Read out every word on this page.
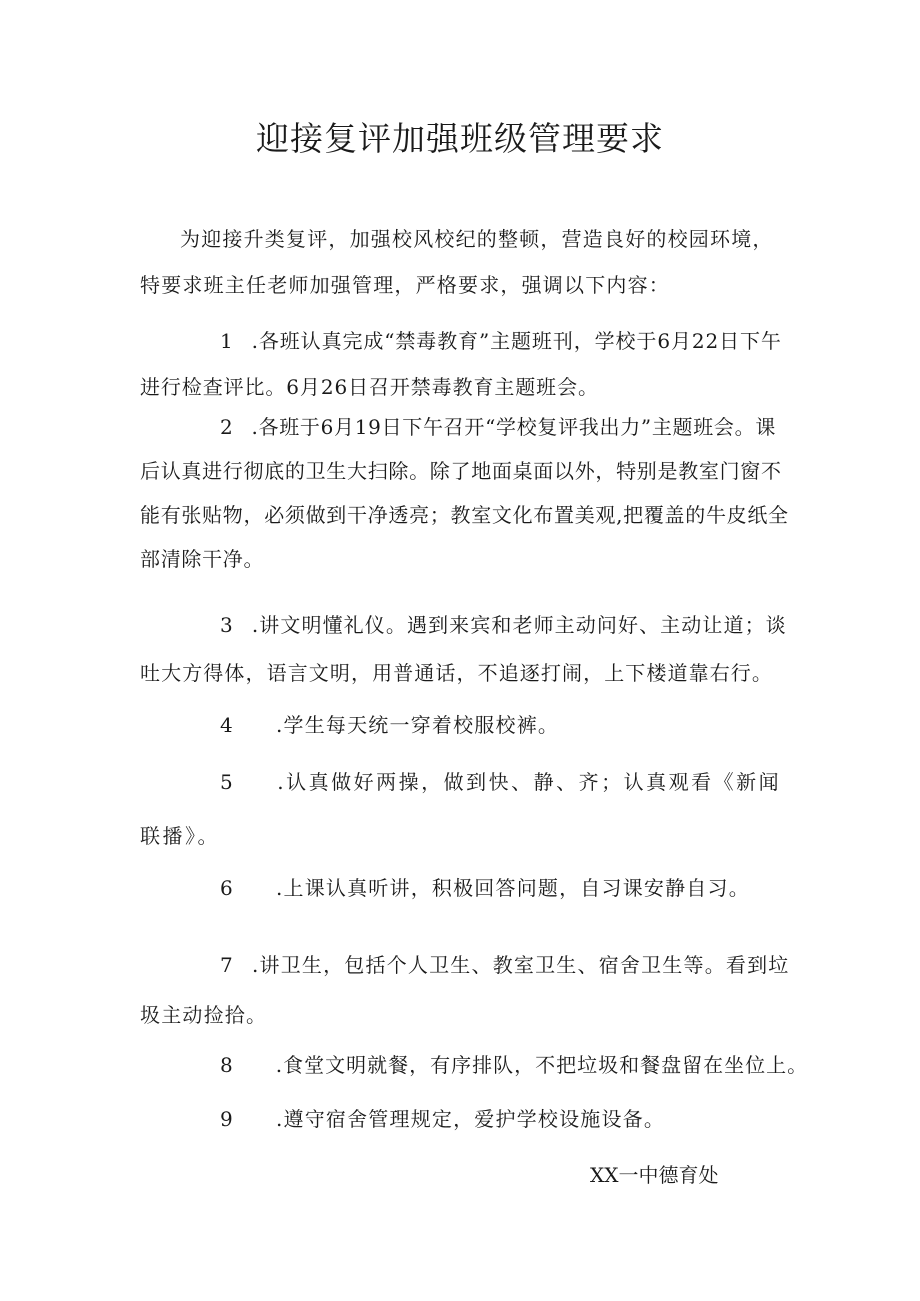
迎接复评加强班级管理要求

为迎接升类复评，加强校风校纪的整顿，营造良好的校园环境，特要求班主任老师加强管理，严格要求，强调以下内容：

1 .各班认真完成“禁毒教育”主题班刊，学校于6月22日下午进行检查评比。6月26日召开禁毒教育主题班会。

2 .各班于6月19日下午召开“学校复评我出力”主题班会。课后认真进行彻底的卫生大扫除。除了地面桌面以外，特别是教室门窗不能有张贴物，必须做到干净透亮；教室文化布置美观,把覆盖的牛皮纸全部清除干净。

3 .讲文明懂礼仪。遇到来宾和老师主动问好、主动让道；谈吐大方得体，语言文明，用普通话，不追逐打闹，上下楼道靠右行。

4 .学生每天统一穿着校服校裤。

5 .认真做好两操，做到快、静、齐；认真观看《新闻联播》。

6 .上课认真听讲，积极回答问题，自习课安静自习。

7 .讲卫生，包括个人卫生、教室卫生、宿舍卫生等。看到垃圾主动捡拾。

8 .食堂文明就餐，有序排队，不把垃圾和餐盘留在坐位上。

9 .遵守宿舍管理规定，爱护学校设施设备。

XX一中德育处
